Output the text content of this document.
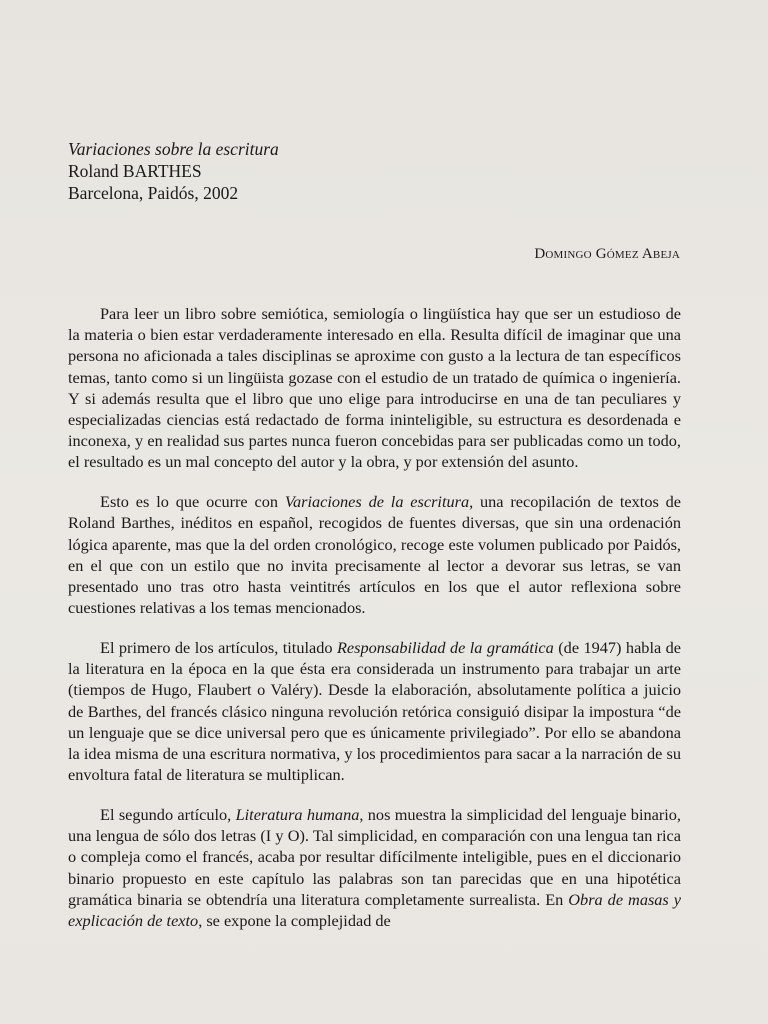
Variaciones sobre la escritura
Roland BARTHES
Barcelona, Paidós, 2002
Domingo Gómez Abeja

Para leer un libro sobre semiótica, semiología o lingüística hay que ser un estudioso de la materia o bien estar verdaderamente interesado en ella. Resulta difícil de imaginar que una persona no aficionada a tales disciplinas se aproxime con gusto a la lectura de tan específicos temas, tanto como si un lingüista gozase con el estudio de un tratado de química o ingeniería. Y si además resulta que el libro que uno elige para introducirse en una de tan peculiares y especializadas ciencias está redactado de forma ininteligible, su estructura es desordenada e inconexa, y en realidad sus partes nunca fueron concebidas para ser publicadas como un todo, el resultado es un mal concepto del autor y la obra, y por extensión del asunto.

Esto es lo que ocurre con Variaciones de la escritura, una recopilación de textos de Roland Barthes, inéditos en español, recogidos de fuentes diversas, que sin una ordenación lógica aparente, mas que la del orden cronológico, recoge este volumen publicado por Paidós, en el que con un estilo que no invita precisamente al lector a devorar sus letras, se van presentado uno tras otro hasta veintitrés artículos en los que el autor reflexiona sobre cuestiones relativas a los temas mencionados.

El primero de los artículos, titulado Responsabilidad de la gramática (de 1947) habla de la literatura en la época en la que ésta era considerada un instrumento para trabajar un arte (tiempos de Hugo, Flaubert o Valéry). Desde la elaboración, absolutamente política a juicio de Barthes, del francés clásico ninguna revolución retórica consiguió disipar la impostura “de un lenguaje que se dice universal pero que es únicamente privilegiado”. Por ello se abandona la idea misma de una escritura normativa, y los procedimientos para sacar a la narración de su envoltura fatal de literatura se multiplican.

El segundo artículo, Literatura humana, nos muestra la simplicidad del lenguaje binario, una lengua de sólo dos letras (I y O). Tal simplicidad, en comparación con una lengua tan rica o compleja como el francés, acaba por resultar difícilmente inteligible, pues en el diccionario binario propuesto en este capítulo las palabras son tan parecidas que en una hipotética gramática binaria se obtendría una literatura completamente surrealista. En Obra de masas y explicación de texto, se expone la complejidad de
